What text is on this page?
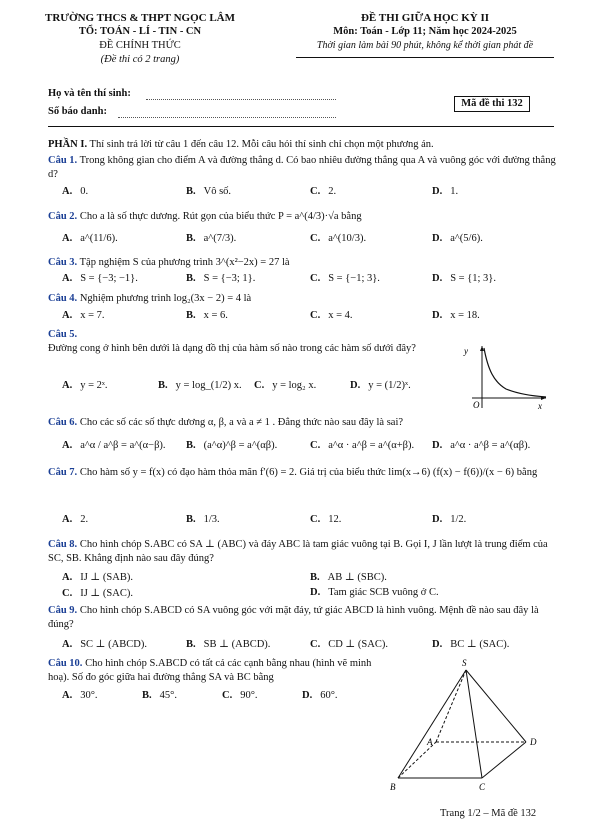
TRƯỜNG THCS & THPT NGỌC LÂM
TỔ: TOÁN - LÍ - TIN - CN
ĐỀ CHÍNH THỨC
(Đề thi có 2 trang)
ĐỀ THI GIỮA HỌC KỲ II
Môn: Toán - Lớp 11; Năm học 2024-2025
Thời gian làm bài 90 phút, không kể thời gian phát đề
Họ và tên thí sinh:
Số báo danh:
Mã đề thi 132
PHẦN I. Thí sinh trả lời từ câu 1 đến câu 12. Mỗi câu hỏi thí sinh chỉ chọn một phương án.
Câu 1. Trong không gian cho điểm A và đường thẳng d. Có bao nhiêu đường thẳng qua A và vuông góc với đường thẳng d?
A. 0.	B. Vô số.	C. 2.	D. 1.
Câu 2. Cho a là số thực dương. Rút gọn của biểu thức P = a^(4/3)·√a bằng
A. a^(11/6).	B. a^(7/3).	C. a^(10/3).	D. a^(5/6).
Câu 3. Tập nghiệm S của phương trình 3^(x²−2x) = 27 là
A. S = {−3; −1}.	B. S = {−3; 1}.	C. S = {−1; 3}.	D. S = {1; 3}.
Câu 4. Nghiệm phương trình log₂(3x − 2) = 4 là
A. x = 7.	B. x = 6.	C. x = 4.	D. x = 18.
Câu 5.
Đường cong ở hình bên dưới là dạng đồ thị của hàm số nào trong các hàm số dưới đây?
A. y = 2ˣ.	B. y = log_(1/2) x. C. y = log₂ x.	D. y = (1/2)ˣ.
y
x
O
Câu 6. Cho các số các số thực dương α, β, a và a ≠ 1 . Đẳng thức nào sau đây là sai?
A. a^α / a^β = a^(α−β). B. (a^α)^β = a^(αβ).	C. a^α · a^β = a^(α+β). D. a^α · a^β = a^(αβ).
Câu 7. Cho hàm số y = f(x) có đạo hàm thỏa mãn f′(6) = 2. Giá trị của biểu thức lim(x→6) (f(x) − f(6))/(x − 6) bằng
A. 2.	B. 1/3.	C. 12.	D. 1/2.
Câu 8. Cho hình chóp S.ABC có SA ⊥ (ABC) và đáy ABC là tam giác vuông tại B. Gọi I, J lần lượt là trung điểm của SC, SB. Khẳng định nào sau đây đúng?
A. IJ ⊥ (SAB).	B. AB ⊥ (SBC).
C. IJ ⊥ (SAC).	D. Tam giác SCB vuông ở C.
Câu 9. Cho hình chóp S.ABCD có SA vuông góc với mặt đáy, tứ giác ABCD là hình vuông. Mệnh đề nào sau đây là đúng?
A. SC ⊥ (ABCD).	B. SB ⊥ (ABCD).	C. CD ⊥ (SAC).	D. BC ⊥ (SAC).
Câu 10. Cho hình chóp S.ABCD có tất cả các cạnh bằng nhau (hình vẽ minh hoạ). Số đo góc giữa hai đường thẳng SA và BC bằng
A. 30°.	B. 45°.	C. 90°.	D. 60°.
S
A
B	C
D
Trang 1/2 – Mã đề 132
